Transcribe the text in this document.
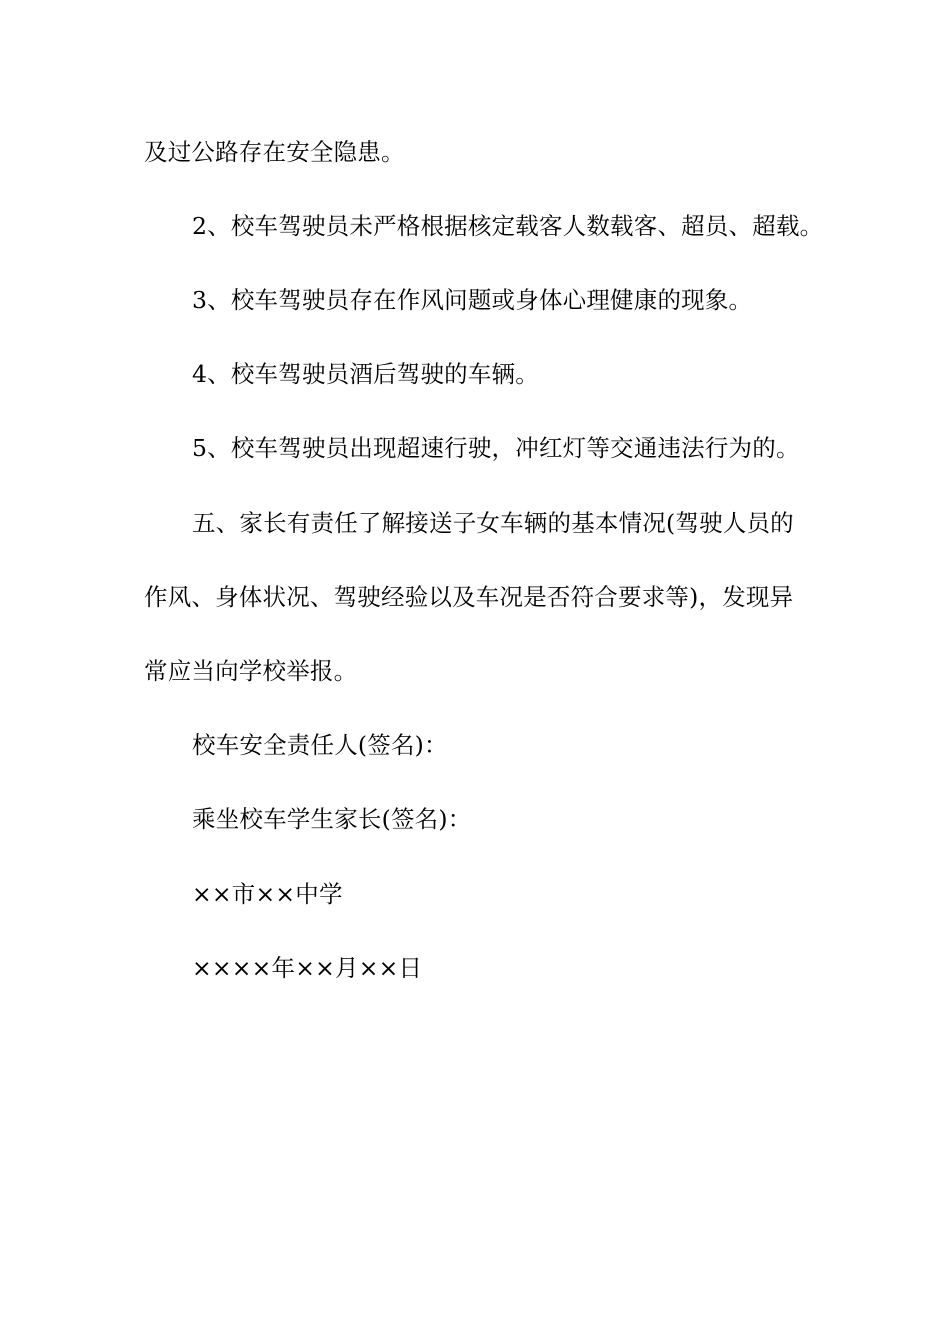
及过公路存在安全隐患。
2、校车驾驶员未严格根据核定载客人数载客、超员、超载。
3、校车驾驶员存在作风问题或身体心理健康的现象。
4、校车驾驶员酒后驾驶的车辆。
5、校车驾驶员出现超速行驶，冲红灯等交通违法行为的。
五、家长有责任了解接送子女车辆的基本情况(驾驶人员的
作风、身体状况、驾驶经验以及车况是否符合要求等)，发现异
常应当向学校举报。
校车安全责任人(签名)：
乘坐校车学生家长(签名)：
××市××中学
××××年××月××日
